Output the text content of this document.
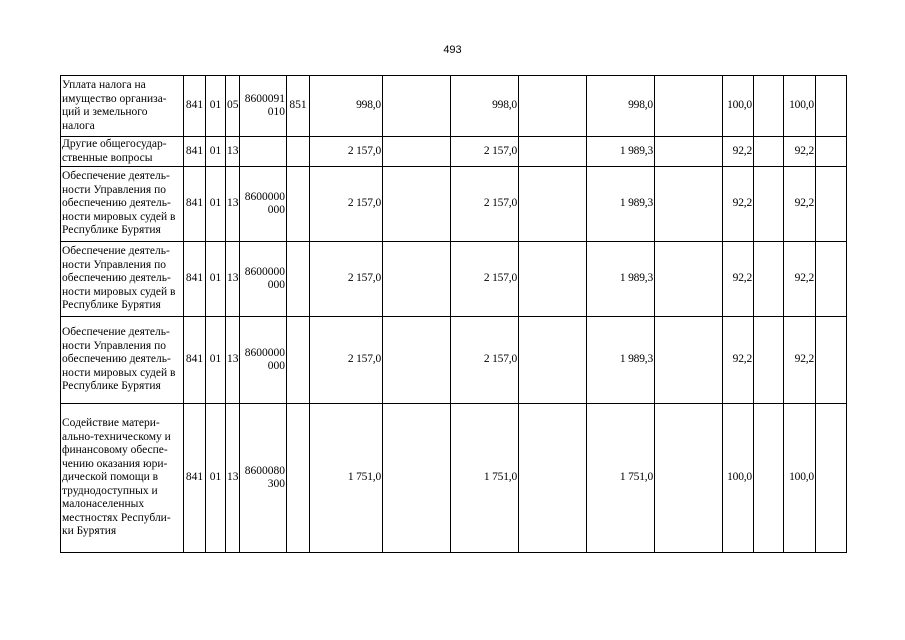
493
Уплата налога на имущество организа-ций и земельного налога	841	01	05	8600091 010	851	998,0		998,0		998,0		100,0		100,0	
Другие общегосудар-ственные вопросы	841	01	13			2 157,0		2 157,0		1 989,3		92,2		92,2	
Обеспечение деятель-ности Управления по обеспечению деятель-ности мировых судей в Республике Бурятия	841	01	13	8600000 000		2 157,0		2 157,0		1 989,3		92,2		92,2	
Обеспечение деятель-ности Управления по обеспечению деятель-ности мировых судей в Республике Бурятия	841	01	13	8600000 000		2 157,0		2 157,0		1 989,3		92,2		92,2	
Обеспечение деятель-ности Управления по обеспечению деятель-ности мировых судей в Республике Бурятия	841	01	13	8600000 000		2 157,0		2 157,0		1 989,3		92,2		92,2	
Содействие матери-ально-техническому и финансовому обеспе-чению оказания юри-дической помощи в труднодоступных и малонаселенных местностях Республи-ки Бурятия	841	01	13	8600080 300		1 751,0		1 751,0		1 751,0		100,0		100,0	
